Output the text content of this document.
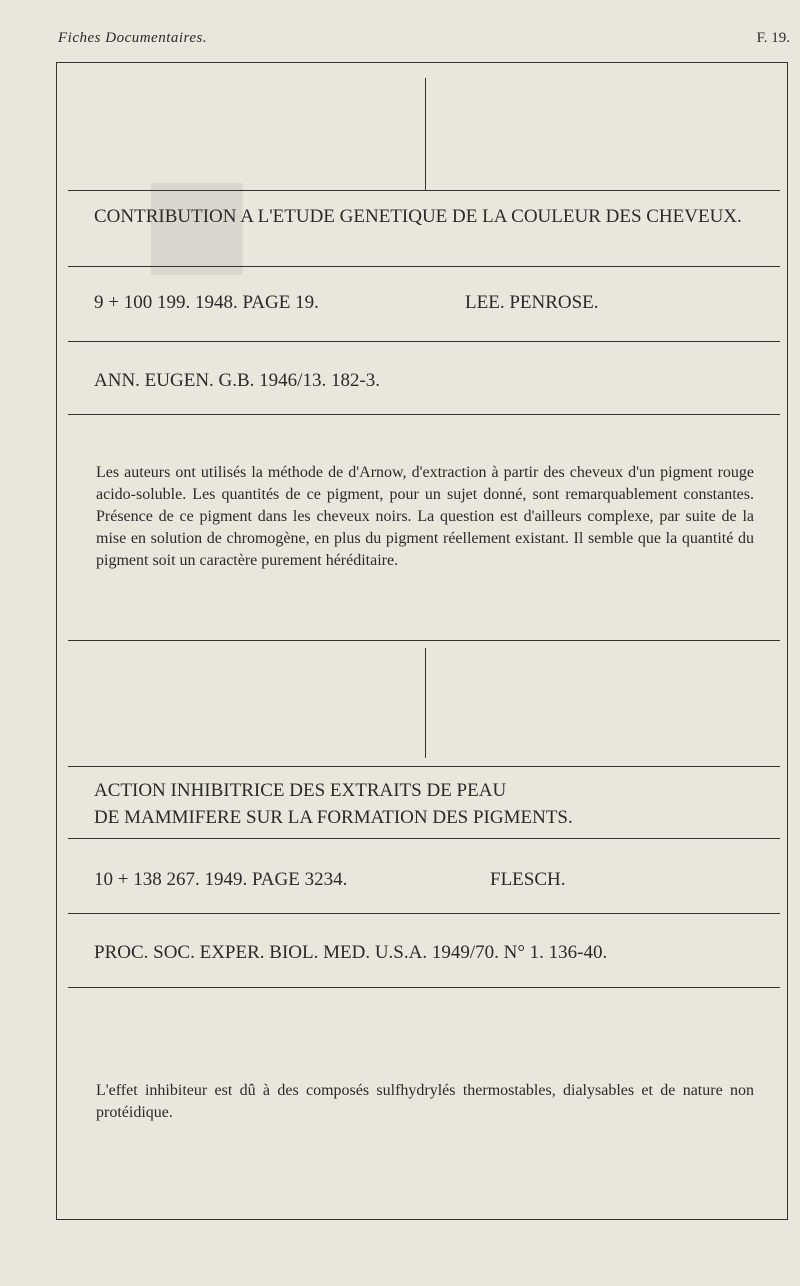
■
Fiches Documentaires.	F. 19.
CONTRIBUTION A L'ETUDE GENETIQUE DE LA COULEUR DES CHEVEUX.
9 + 100 199. 1948. PAGE 19.	LEE. PENROSE.
ANN. EUGEN. G.B. 1946/13. 182-3.
Les auteurs ont utilisés la méthode de d'Arnow, d'extraction à partir des cheveux d'un pigment rouge acido-soluble. Les quantités de ce pigment, pour un sujet donné, sont remarquablement constantes. Présence de ce pigment dans les cheveux noirs. La question est d'ailleurs complexe, par suite de la mise en solution de chromogène, en plus du pigment réellement existant. Il semble que la quantité du pigment soit un caractère purement héréditaire.
ACTION INHIBITRICE DES EXTRAITS DE PEAU
DE MAMMIFERE SUR LA FORMATION DES PIGMENTS.
10 + 138 267. 1949. PAGE 3234.	FLESCH.
PROC. SOC. EXPER. BIOL. MED. U.S.A. 1949/70. N° 1. 136-40.
L'effet inhibiteur est dû à des composés sulfhydrylés thermostables, dialysables et de nature non protéidique.
